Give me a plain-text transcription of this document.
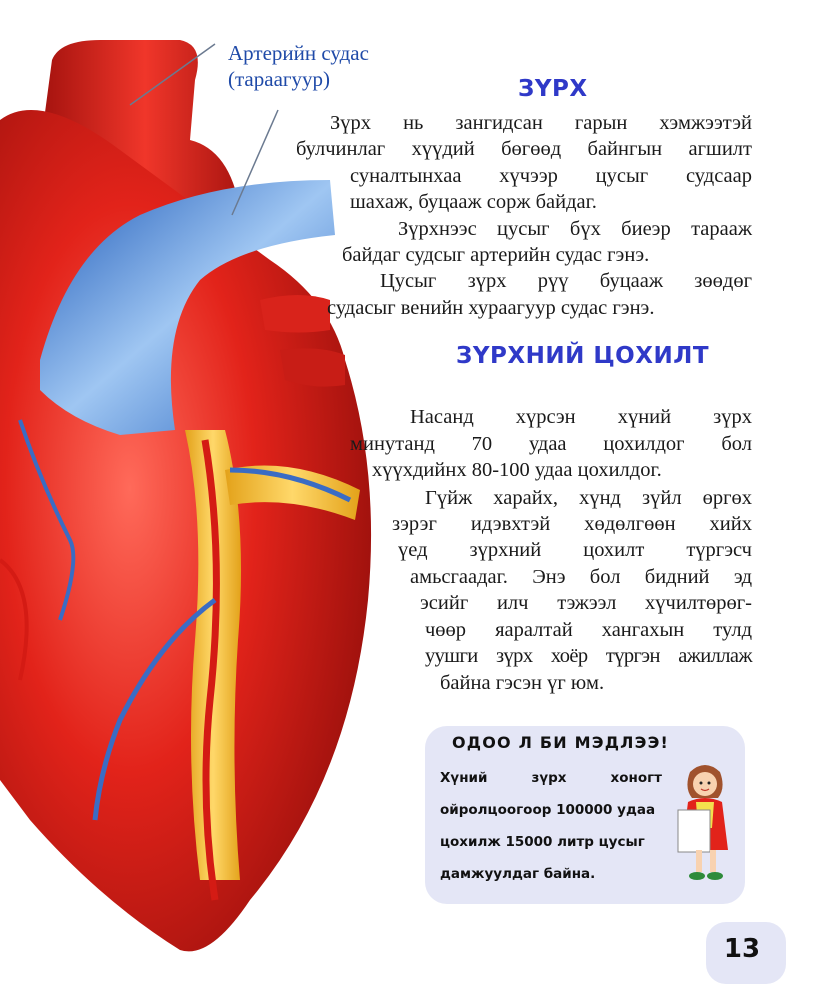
Артерийн судас
(тараагуур)	ЗҮРХ

Зүрх нь зангидсан гарын хэмжээтэй

булчинлаг хүүдий бөгөөд байнгын агшилт

суналтынхаа хүчээр цусыг судсаар

шахаж, буцааж сорж байдаг.

Зүрхнээс цусыг бүх биеэр тарааж

байдаг судсыг артерийн судас гэнэ.

Цусыг зүрх рүү буцааж зөөдөг

судасыг венийн хураагуур судас гэнэ.

ЗҮРХНИЙ ЦОХИЛТ

Насанд хүрсэн хүний зүрх

минутанд 70 удаа цохилдог бол

хүүхдийнх 80-100 удаа цохилдог.

Гүйж харайх, хүнд зүйл өргөх

зэрэг идэвхтэй хөдөлгөөн хийх

үед зүрхний цохилт түргэсч

амьсгаадаг. Энэ бол бидний эд

эсийг илч тэжээл хүчилтөрөг-

чөөр яаралтай хангахын тулд

уушги зүрх хоёр түргэн ажиллаж

байна гэсэн үг юм.

ОДОО Л БИ МЭДЛЭЭ!

Хүний зүрх хоногт

ойролцоогоор 100000 удаа

цохилж 15000 литр цусыг

дамжуулдаг байна.

13
